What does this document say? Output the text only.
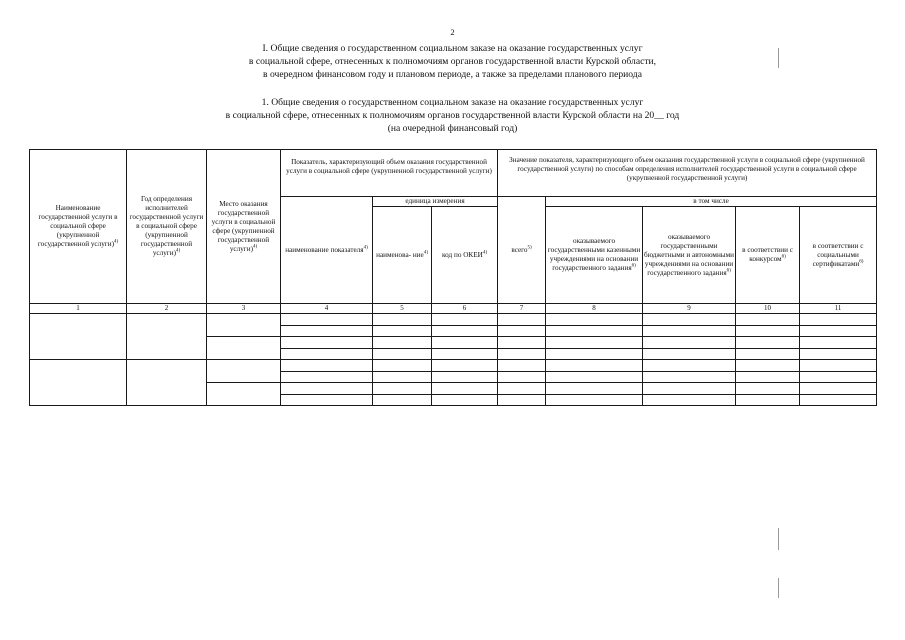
2
I. Общие сведения о государственном социальном заказе на оказание государственных услуг
в социальной сфере, отнесенных к полномочиям органов государственной власти Курской области,
в очередном финансовом году и плановом периоде, а также за пределами планового периода
1. Общие сведения о государственном социальном заказе на оказание государственных услуг
в социальной сфере, отнесенных к полномочиям органов государственной власти Курской области на 20__ год
(на очередной финансовый год)
Наименование государственной услуги в социальной сфере (укрупненной государственной услуги)$^{4)}$	Год определения исполнителей государственной услуги в социальной сфере (укрупненной государственной услуги)$^{4)}$	Место оказания государственной услуги в социальной сфере (укрупненной государственной услуги)$^{4)}$	Показатель, характеризующий объем оказания государственной услуги в социальной сфере (укрупненной государственной услуги)			Значение показателя, характеризующего объем оказания государственной услуги в социальной сфере (укрупненной государственной услуги) по способам определения исполнителей государственной услуги в социальной сфере (укрупненной государственной услуги)				
			наименование показателя$^{4)}$	единица измерения		всего$^{5)}$	в том числе			
				наименова- ние$^{4)}$	код по ОКЕИ$^{4)}$		оказываемого государственными казенными учреждениями на основании государственного задания$^{6)}$	оказываемого государственными бюджетными и автономными учреждениями на основании государственного задания$^{6)}$	в соответствии с конкурсом$^{6)}$	в соответствии с социальными сертификатами$^{6)}$
1	2	3	4	5	6	7	8	9	10	11
